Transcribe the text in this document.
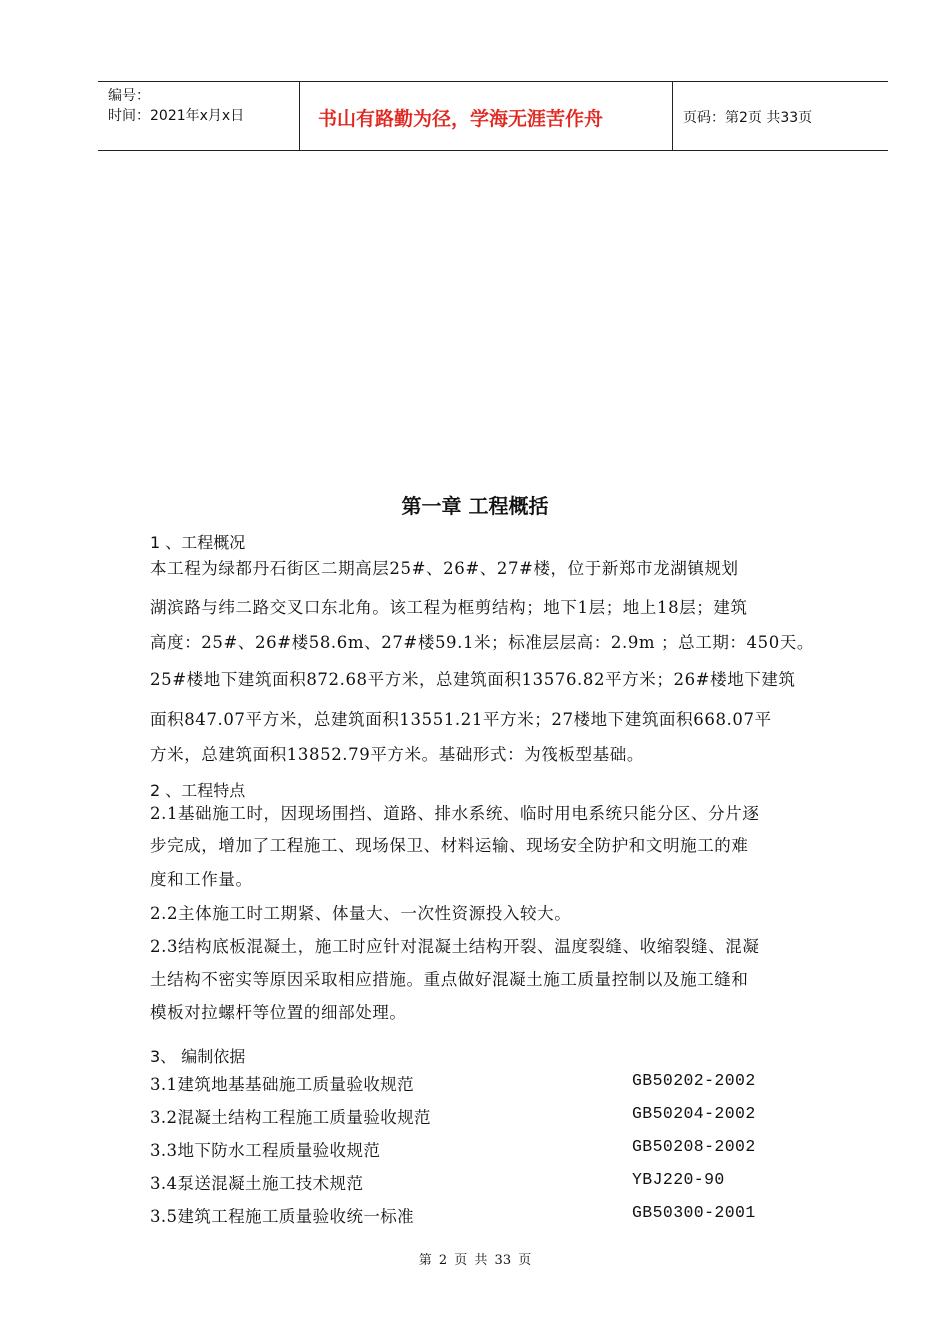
编号：
时间：2021年x月x日	书山有路勤为径，学海无涯苦作舟	页码：第2页 共33页
第一章 工程概括
1 、工程概况
本工程为绿都丹石街区二期高层25#、26#、27#楼，位于新郑市龙湖镇规划
湖滨路与纬二路交叉口东北角。该工程为框剪结构；地下1层；地上18层；建筑
高度：25#、26#楼58.6m、27#楼59.1米；标准层层高：2.9m ；总工期：450天。
25#楼地下建筑面积872.68平方米，总建筑面积13576.82平方米；26#楼地下建筑
面积847.07平方米，总建筑面积13551.21平方米；27楼地下建筑面积668.07平
方米，总建筑面积13852.79平方米。基础形式：为筏板型基础。
2 、工程特点
2.1基础施工时，因现场围挡、道路、排水系统、临时用电系统只能分区、分片逐
步完成，增加了工程施工、现场保卫、材料运输、现场安全防护和文明施工的难
度和工作量。
2.2主体施工时工期紧、体量大、一次性资源投入较大。
2.3结构底板混凝土，施工时应针对混凝土结构开裂、温度裂缝、收缩裂缝、混凝
土结构不密实等原因采取相应措施。重点做好混凝土施工质量控制以及施工缝和
模板对拉螺杆等位置的细部处理。
3、 编制依据
3.1建筑地基基础施工质量验收规范	GB50202-2002
3.2混凝土结构工程施工质量验收规范	GB50204-2002
3.3地下防水工程质量验收规范	GB50208-2002
3.4泵送混凝土施工技术规范	YBJ220-90
3.5建筑工程施工质量验收统一标准	GB50300-2001
第 2 页 共 33 页
